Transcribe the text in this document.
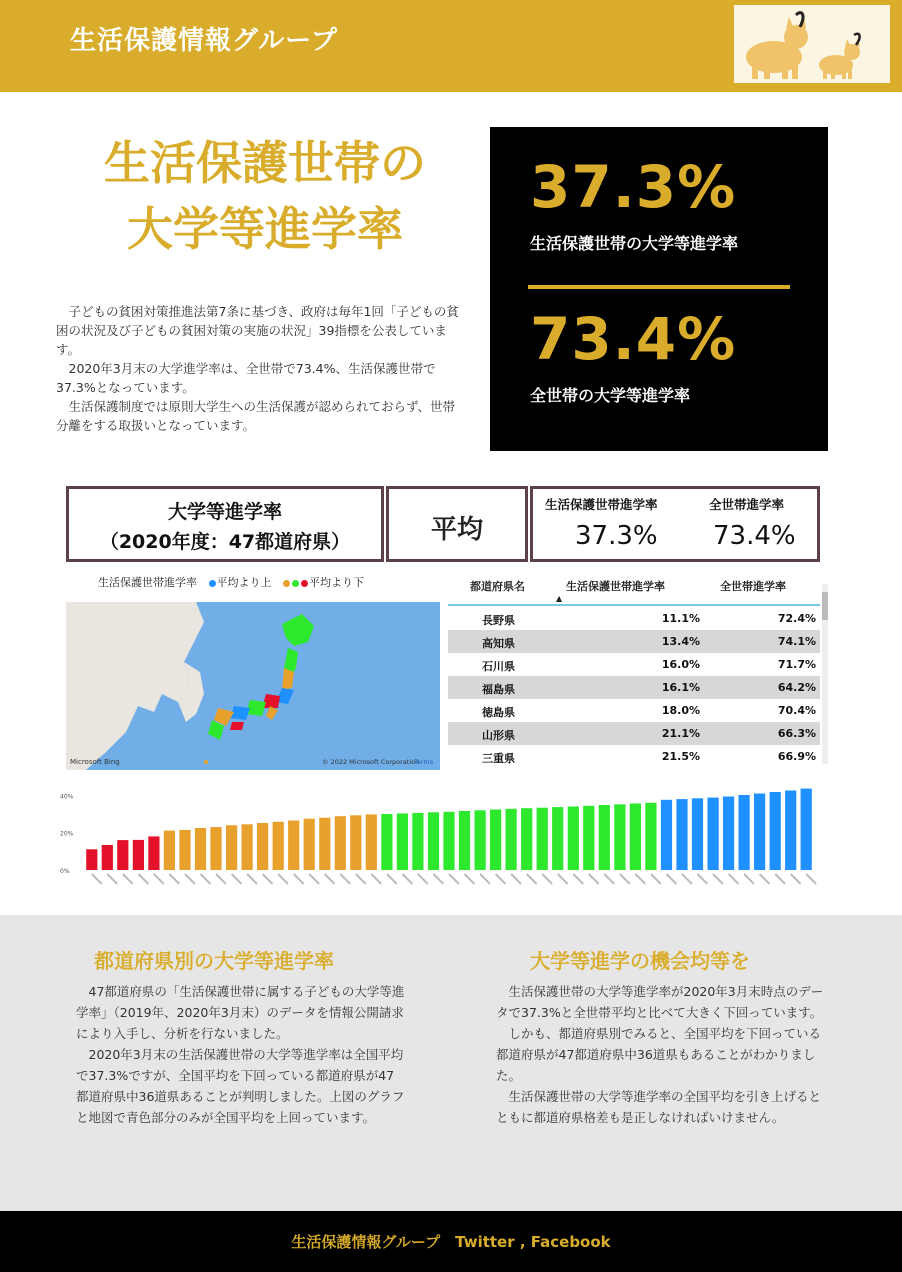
生活保護情報グループ
生活保護世帯の
大学等進学率

子どもの貧困対策推進法第7条に基づき、政府は毎年1回「子どもの貧困の状況及び子どもの貧困対策の実施の状況」39指標を公表しています。

2020年3月末の大学進学率は、全世帯で73.4%、生活保護世帯で37.3%となっています。

生活保護制度では原則大学生への生活保護が認められておらず、世帯分離をする取扱いとなっています。

37.3%
生活保護世帯の大学等進学率
73.4%
全世帯の大学等進学率
大学等進学率
（2020年度：47都道府県）	平均
生活保護世帯進学率	全世帯進学率
37.3% 73.4%
生活保護世帯進学率 平均より上	平均より下
Microsoft Bing	© 2022 Microsoft Corporation
Terms
都道府県名	生活保護世帯進学率	全世帯進学率
▲
長野県	11.1%	72.4%
高知県	13.4%	74.1%
石川県	16.0%	71.7%
福島県	16.1%	64.2%
徳島県	18.0%	70.4%
山形県	21.1%	66.3%
三重県	21.5%	66.9%
0%
20%
40%
都道府県別の大学等進学率

47都道府県の「生活保護世帯に属する子どもの大学等進学率」（2019年、2020年3月末）のデータを情報公開請求により入手し、分析を行ないました。

2020年3月末の生活保護世帯の大学等進学率は全国平均で37.3%ですが、全国平均を下回っている都道府県が47都道府県中36道県あることが判明しました。上図のグラフと地図で青色部分のみが全国平均を上回っています。

大学等進学の機会均等を

生活保護世帯の大学等進学率が2020年3月末時点のデータで37.3%と全世帯平均と比べて大きく下回っています。

しかも、都道府県別でみると、全国平均を下回っている都道府県が47都道府県中36道県もあることがわかりました。

生活保護世帯の大学等進学率の全国平均を引き上げるとともに都道府県格差も是正しなければいけません。

生活保護情報グループ　Twitter , Facebook
